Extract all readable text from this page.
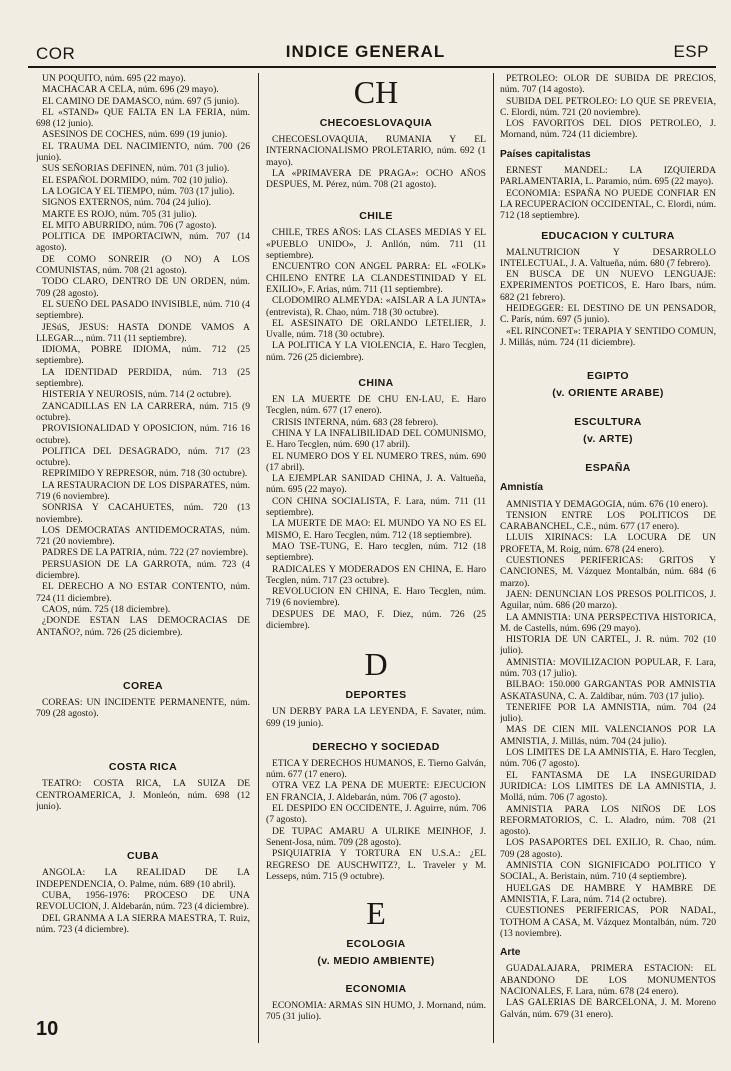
COR	INDICE GENERAL	ESP

UN POQUITO, núm. 695 (22 mayo).

MACHACAR A CELA, núm. 696 (29 mayo).

EL CAMINO DE DAMASCO, núm. 697 (5 junio).

EL «STAND» QUE FALTA EN LA FERIA, núm. 698 (12 junio).

ASESINOS DE COCHES, núm. 699 (19 junio).

EL TRAUMA DEL NACIMIENTO, núm. 700 (26 junio).

SUS SEÑORIAS DEFINEN, núm. 701 (3 julio).

EL ESPAÑOL DORMIDO, núm. 702 (10 julio).

LA LOGICA Y EL TIEMPO, núm. 703 (17 julio).

SIGNOS EXTERNOS, núm. 704 (24 julio).

MARTE ES ROJO, núm. 705 (31 julio).

EL MITO ABURRIDO, núm. 706 (7 agosto).

POLITICA DE IMPORTACIWN, núm. 707 (14 agosto).

DE COMO SONREIR (O NO) A LOS COMUNISTAS, núm. 708 (21 agosto).

TODO CLARO, DENTRO DE UN ORDEN, núm. 709 (28 agosto).

EL SUEÑO DEL PASADO INVISIBLE, núm. 710 (4 septiembre).

JESúS, JESUS: HASTA DONDE VAMOS A LLEGAR..., núm. 711 (11 septiembre).

IDIOMA, POBRE IDIOMA, núm. 712 (25 septiembre).

LA IDENTIDAD PERDIDA, núm. 713 (25 septiembre).

HISTERIA Y NEUROSIS, núm. 714 (2 octubre).

ZANCADILLAS EN LA CARRERA, núm. 715 (9 octubre).

PROVISIONALIDAD Y OPOSICION, núm. 716 16 octubre).

POLITICA DEL DESAGRADO, núm. 717 (23 octubre).

REPRIMIDO Y REPRESOR, núm. 718 (30 octubre).

LA RESTAURACION DE LOS DISPARATES, núm. 719 (6 noviembre).

SONRISA Y CACAHUETES, núm. 720 (13 noviembre).

LOS DEMOCRATAS ANTIDEMOCRATAS, núm. 721 (20 noviembre).

PADRES DE LA PATRIA, núm. 722 (27 noviembre).

PERSUASION DE LA GARROTA, núm. 723 (4 diciembre).

EL DERECHO A NO ESTAR CONTENTO, núm. 724 (11 diciembre).

CAOS, núm. 725 (18 diciembre).

¿DONDE ESTAN LAS DEMOCRACIAS DE ANTAÑO?, núm. 726 (25 diciembre).

COREA

COREAS: UN INCIDENTE PERMANENTE, núm. 709 (28 agosto).

COSTA RICA

TEATRO: COSTA RICA, LA SUIZA DE CENTROAMERICA, J. Monleón, núm. 698 (12 junio).

CUBA

ANGOLA: LA REALIDAD DE LA INDEPENDENCIA, O. Palme, núm. 689 (10 abril).

CUBA, 1956-1976: PROCESO DE UNA REVOLUCION, J. Aldebarán, núm. 723 (4 diciembre).

DEL GRANMA A LA SIERRA MAESTRA, T. Ruiz, núm. 723 (4 diciembre).

CH

CHECOESLOVAQUIA

CHECOESLOVAQUIA, RUMANIA Y EL INTERNACIONALISMO PROLETARIO, núm. 692 (1 mayo).

LA «PRIMAVERA DE PRAGA»: OCHO AÑOS DESPUES, M. Pérez, núm. 708 (21 agosto).

CHILE

CHILE, TRES AÑOS: LAS CLASES MEDIAS Y EL «PUEBLO UNIDO», J. Anllón, núm. 711 (11 septiembre).

ENCUENTRO CON ANGEL PARRA: EL «FOLK» CHILENO ENTRE LA CLANDESTINIDAD Y EL EXILIO», F. Arias, núm. 711 (11 septiembre).

CLODOMIRO ALMEYDA: «AISLAR A LA JUNTA» (entrevista), R. Chao, núm. 718 (30 octubre).

EL ASESINATO DE ORLANDO LETELIER, J. Uvalle, núm. 718 (30 octubre).

LA POLITICA Y LA VIOLENCIA, E. Haro Tecglen, núm. 726 (25 diciembre).

CHINA

EN LA MUERTE DE CHU EN-LAU, E. Haro Tecglen, núm. 677 (17 enero).

CRISIS INTERNA, núm. 683 (28 febrero).

CHINA Y LA INFALIBILIDAD DEL COMUNISMO, E. Haro Tecglen, núm. 690 (17 abril).

EL NUMERO DOS Y EL NUMERO TRES, núm. 690 (17 abril).

LA EJEMPLAR SANIDAD CHINA, J. A. Valtueña, núm. 695 (22 mayo).

CON CHINA SOCIALISTA, F. Lara, núm. 711 (11 septiembre).

LA MUERTE DE MAO: EL MUNDO YA NO ES EL MISMO, E. Haro Tecglen, núm. 712 (18 septiembre).

MAO TSE-TUNG, E. Haro tecglen, núm. 712 (18 septiembre).

RADICALES Y MODERADOS EN CHINA, E. Haro Tecglen, núm. 717 (23 octubre).

REVOLUCION EN CHINA, E. Haro Tecglen, núm. 719 (6 noviembre).

DESPUES DE MAO, F. Diez, núm. 726 (25 diciembre).

D

DEPORTES

UN DERBY PARA LA LEYENDA, F. Savater, núm. 699 (19 junio).

DERECHO Y SOCIEDAD

ETICA Y DERECHOS HUMANOS, E. Tierno Galván, núm. 677 (17 enero).

OTRA VEZ LA PENA DE MUERTE: EJECUCION EN FRANCIA, J. Aldebarán, núm. 706 (7 agosto).

EL DESPIDO EN OCCIDENTE, J. Aguirre, núm. 706 (7 agosto).

DE TUPAC AMARU A ULRIKE MEINHOF, J. Senent-Josa, núm. 709 (28 agosto).

PSIQUIATRIA Y TORTURA EN U.S.A.: ¿EL REGRESO DE AUSCHWITZ?, L. Traveler y M. Lesseps, núm. 715 (9 octubre).

E

ECOLOGIA

(v. MEDIO AMBIENTE)

ECONOMIA

ECONOMIA: ARMAS SIN HUMO, J. Mornand, núm. 705 (31 julio).

PETROLEO: OLOR DE SUBIDA DE PRECIOS, núm. 707 (14 agosto).

SUBIDA DEL PETROLEO: LO QUE SE PREVEIA, C. Elordi, núm. 721 (20 noviembre).

LOS FAVORITOS DEL DIOS PETROLEO, J. Mornand, núm. 724 (11 diciembre).

Países capitalistas

ERNEST MANDEL: LA IZQUIERDA PARLAMENTARIA, L. Paramio, núm. 695 (22 mayo).

ECONOMIA: ESPAÑA NO PUEDE CONFIAR EN LA RECUPERACION OCCIDENTAL, C. Elordi, núm. 712 (18 septiembre).

EDUCACION Y CULTURA

MALNUTRICION Y DESARROLLO INTELECTUAL, J. A. Valtueña, núm. 680 (7 febrero).

EN BUSCA DE UN NUEVO LENGUAJE: EXPERIMENTOS POETICOS, E. Haro Ibars, núm. 682 (21 febrero).

HEIDEGGER: EL DESTINO DE UN PENSADOR, C. París, núm. 697 (5 junio).

«EL RINCONET»: TERAPIA Y SENTIDO COMUN, J. Millás, núm. 724 (11 diciembre).

EGIPTO

(v. ORIENTE ARABE)

ESCULTURA

(v. ARTE)

ESPAÑA

Amnistía

AMNISTIA Y DEMAGOGIA, núm. 676 (10 enero).

TENSION ENTRE LOS POLITICOS DE CARABANCHEL, C.E., núm. 677 (17 enero).

LLUIS XIRINACS: LA LOCURA DE UN PROFETA, M. Roig, núm. 678 (24 enero).

CUESTIONES PERIFERICAS: GRITOS Y CANCIONES, M. Vázquez Montalbán, núm. 684 (6 marzo).

JAEN: DENUNCIAN LOS PRESOS POLITICOS, J. Aguilar, núm. 686 (20 marzo).

LA AMNISTIA: UNA PERSPECTIVA HISTORICA, M. de Castells, núm. 696 (29 mayo).

HISTORIA DE UN CARTEL, J. R. núm. 702 (10 julio).

AMNISTIA: MOVILIZACION POPULAR, F. Lara, núm. 703 (17 julio).

BILBAO: 150.000 GARGANTAS POR AMNISTIA ASKATASUNA, C. A. Zaldíbar, núm. 703 (17 julio).

TENERIFE POR LA AMNISTIA, núm. 704 (24 julio).

MAS DE CIEN MIL VALENCIANOS POR LA AMNISTIA, J. Millás, núm. 704 (24 julio).

LOS LIMITES DE LA AMNISTIA, E. Haro Tecglen, núm. 706 (7 agosto).

EL FANTASMA DE LA INSEGURIDAD JURIDICA: LOS LIMITES DE LA AMNISTIA, J. Mollá, núm. 706 (7 agosto).

AMNISTIA PARA LOS NIÑOS DE LOS REFORMATORIOS, C. L. Aladro, núm. 708 (21 agosto).

LOS PASAPORTES DEL EXILIO, R. Chao, núm. 709 (28 agosto).

AMNISTIA CON SIGNIFICADO POLITICO Y SOCIAL, A. Beristain, núm. 710 (4 septiembre).

HUELGAS DE HAMBRE Y HAMBRE DE AMNISTIA, F. Lara, núm. 714 (2 octubre).

CUESTIONES PERIFERICAS, POR NADAL, TOTHOM A CASA, M. Vázquez Montalbán, núm. 720 (13 noviembre).

Arte

GUADALAJARA, PRIMERA ESTACION: EL ABANDONO DE LOS MONUMENTOS NACIONALES, F. Lara, núm. 678 (24 enero).

LAS GALERIAS DE BARCELONA, J. M. Moreno Galván, núm. 679 (31 enero).

10
